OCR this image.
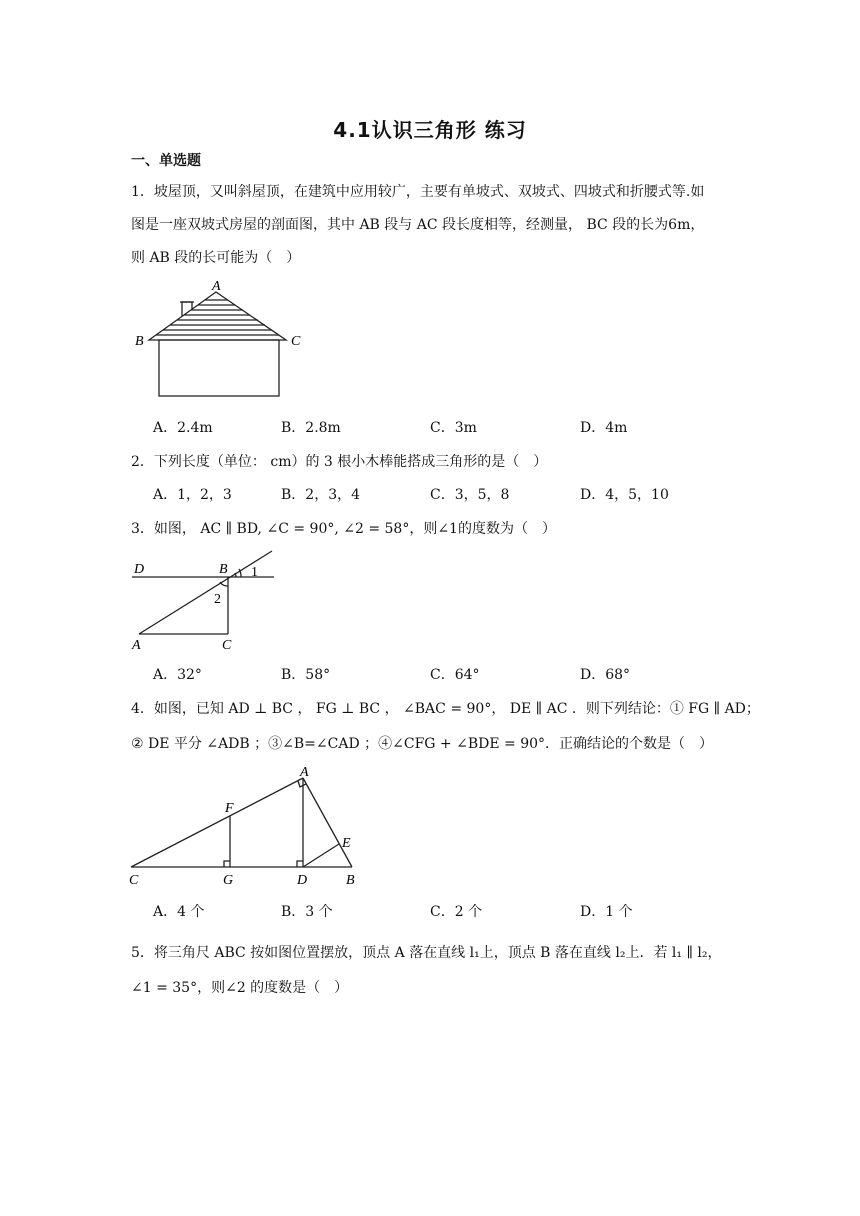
4.1认识三角形 练习
一、单选题
1．坡屋顶，又叫斜屋顶，在建筑中应用较广，主要有单坡式、双坡式、四坡式和折腰式等.如
图是一座双坡式房屋的剖面图，其中 AB 段与 AC 段长度相等，经测量， BC 段的长为6m，
则 AB 段的长可能为（　）
A
B	C
A．2.4m	B．2.8m	C．3m	D．4m
2．下列长度（单位： cm）的 3 根小木棒能搭成三角形的是（　）
A．1，2，3	B．2，3，4	C．3，5，8	D．4，5，10
3．如图， AC ∥ BD, ∠C = 90°, ∠2 = 58°，则∠1的度数为（　）
D	B 1
2
A	C
A．32°	B．58°	C．64°	D．68°
4．如图，已知 AD ⊥ BC ， FG ⊥ BC ， ∠BAC = 90°， DE ∥ AC ．则下列结论：① FG ∥ AD；
② DE 平分 ∠ADB ；③∠B=∠CAD ；④∠CFG + ∠BDE = 90°．正确结论的个数是（　）
A
F
E
C	G	D	B
A．4 个	B．3 个	C．2 个	D．1 个
5．将三角尺 ABC 按如图位置摆放，顶点 A 落在直线 l₁上，顶点 B 落在直线 l₂上．若 l₁ ∥ l₂，
∠1 = 35°，则∠2 的度数是（　）
